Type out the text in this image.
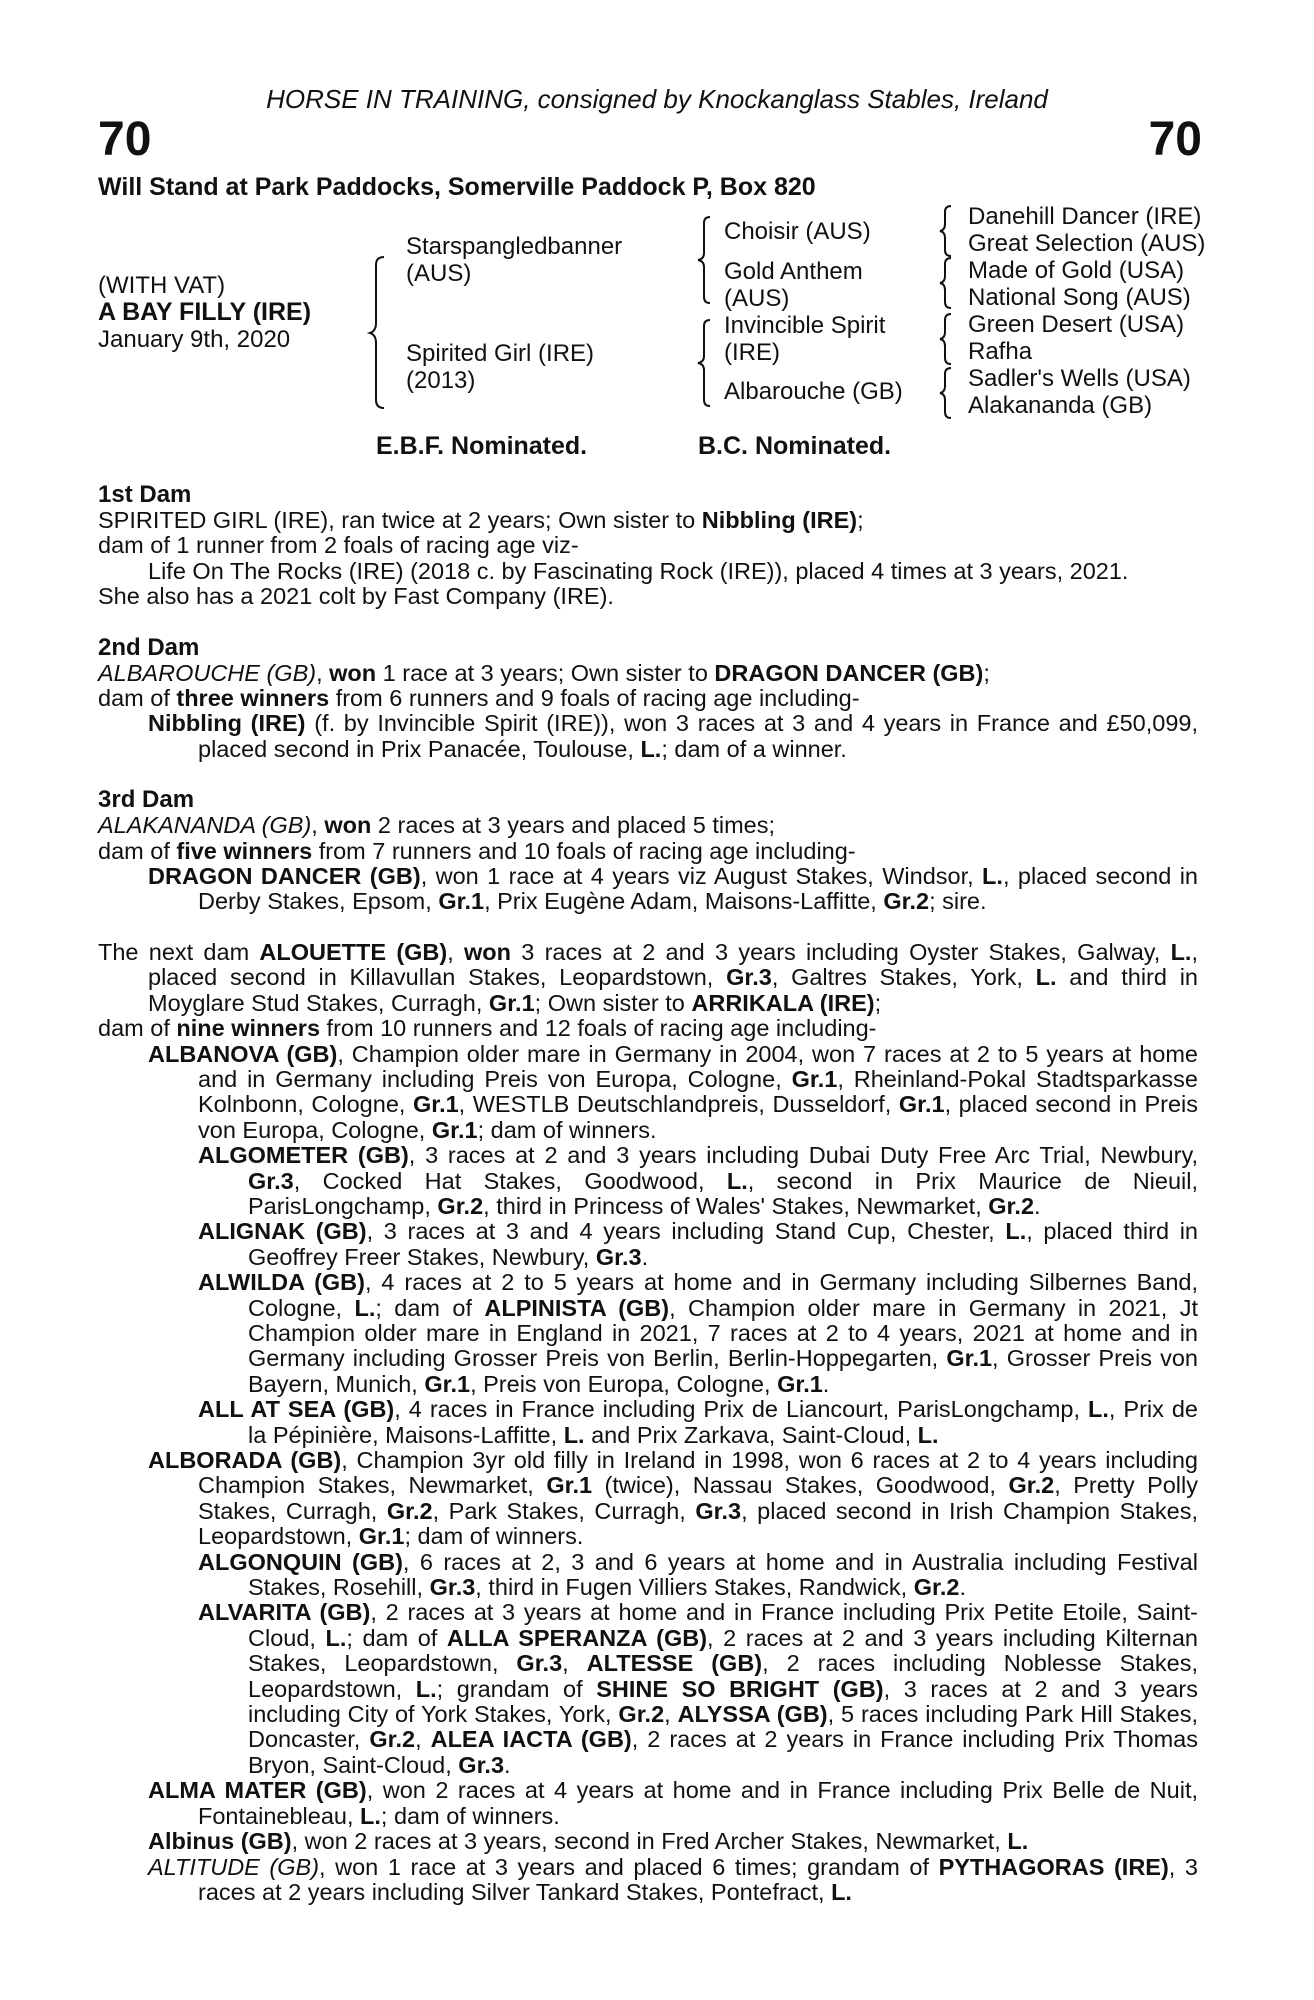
HORSE IN TRAINING, consigned by Knockanglass Stables, Ireland
70	70
Will Stand at Park Paddocks, Somerville Paddock P, Box 820
(WITH VAT)
A BAY FILLY (IRE)
January 9th, 2020
Starspangledbanner
(AUS)
Spirited Girl (IRE)
(2013)
Choisir (AUS)
Gold Anthem
(AUS)
Invincible Spirit
(IRE)
Albarouche (GB)
Danehill Dancer (IRE)
Great Selection (AUS)
Made of Gold (USA)
National Song (AUS)
Green Desert (USA)
Rafha
Sadler's Wells (USA)
Alakananda (GB)
E.B.F. Nominated.	B.C. Nominated.
1st Dam

SPIRITED GIRL (IRE), ran twice at 2 years; Own sister to Nibbling (IRE);

dam of 1 runner from 2 foals of racing age viz-

Life On The Rocks (IRE) (2018 c. by Fascinating Rock (IRE)), placed 4 times at 3 years, 2021.

She also has a 2021 colt by Fast Company (IRE).

2nd Dam

ALBAROUCHE (GB), won 1 race at 3 years; Own sister to DRAGON DANCER (GB);

dam of three winners from 6 runners and 9 foals of racing age including-

Nibbling (IRE) (f. by Invincible Spirit (IRE)), won 3 races at 3 and 4 years in France and £50,099, placed second in Prix Panacée, Toulouse, L.; dam of a winner.

3rd Dam

ALAKANANDA (GB), won 2 races at 3 years and placed 5 times;

dam of five winners from 7 runners and 10 foals of racing age including-

DRAGON DANCER (GB), won 1 race at 4 years viz August Stakes, Windsor, L., placed second in Derby Stakes, Epsom, Gr.1, Prix Eugène Adam, Maisons-Laffitte, Gr.2; sire.

The next dam ALOUETTE (GB), won 3 races at 2 and 3 years including Oyster Stakes, Galway, L., placed second in Killavullan Stakes, Leopardstown, Gr.3, Galtres Stakes, York, L. and third in Moyglare Stud Stakes, Curragh, Gr.1; Own sister to ARRIKALA (IRE);

dam of nine winners from 10 runners and 12 foals of racing age including-

ALBANOVA (GB), Champion older mare in Germany in 2004, won 7 races at 2 to 5 years at home and in Germany including Preis von Europa, Cologne, Gr.1, Rheinland-Pokal Stadtsparkasse Kolnbonn, Cologne, Gr.1, WESTLB Deutschlandpreis, Dusseldorf, Gr.1, placed second in Preis von Europa, Cologne, Gr.1; dam of winners.

ALGOMETER (GB), 3 races at 2 and 3 years including Dubai Duty Free Arc Trial, Newbury, Gr.3, Cocked Hat Stakes, Goodwood, L., second in Prix Maurice de Nieuil, ParisLongchamp, Gr.2, third in Princess of Wales' Stakes, Newmarket, Gr.2.

ALIGNAK (GB), 3 races at 3 and 4 years including Stand Cup, Chester, L., placed third in Geoffrey Freer Stakes, Newbury, Gr.3.

ALWILDA (GB), 4 races at 2 to 5 years at home and in Germany including Silbernes Band, Cologne, L.; dam of ALPINISTA (GB), Champion older mare in Germany in 2021, Jt Champion older mare in England in 2021, 7 races at 2 to 4 years, 2021 at home and in Germany including Grosser Preis von Berlin, Berlin-Hoppegarten, Gr.1, Grosser Preis von Bayern, Munich, Gr.1, Preis von Europa, Cologne, Gr.1.

ALL AT SEA (GB), 4 races in France including Prix de Liancourt, ParisLongchamp, L., Prix de la Pépinière, Maisons-Laffitte, L. and Prix Zarkava, Saint-Cloud, L.

ALBORADA (GB), Champion 3yr old filly in Ireland in 1998, won 6 races at 2 to 4 years including Champion Stakes, Newmarket, Gr.1 (twice), Nassau Stakes, Goodwood, Gr.2, Pretty Polly Stakes, Curragh, Gr.2, Park Stakes, Curragh, Gr.3, placed second in Irish Champion Stakes, Leopardstown, Gr.1; dam of winners.

ALGONQUIN (GB), 6 races at 2, 3 and 6 years at home and in Australia including Festival Stakes, Rosehill, Gr.3, third in Fugen Villiers Stakes, Randwick, Gr.2.

ALVARITA (GB), 2 races at 3 years at home and in France including Prix Petite Etoile, Saint-Cloud, L.; dam of ALLA SPERANZA (GB), 2 races at 2 and 3 years including Kilternan Stakes, Leopardstown, Gr.3, ALTESSE (GB), 2 races including Noblesse Stakes, Leopardstown, L.; grandam of SHINE SO BRIGHT (GB), 3 races at 2 and 3 years including City of York Stakes, York, Gr.2, ALYSSA (GB), 5 races including Park Hill Stakes, Doncaster, Gr.2, ALEA IACTA (GB), 2 races at 2 years in France including Prix Thomas Bryon, Saint-Cloud, Gr.3.

ALMA MATER (GB), won 2 races at 4 years at home and in France including Prix Belle de Nuit, Fontainebleau, L.; dam of winners.

Albinus (GB), won 2 races at 3 years, second in Fred Archer Stakes, Newmarket, L.

ALTITUDE (GB), won 1 race at 3 years and placed 6 times; grandam of PYTHAGORAS (IRE), 3 races at 2 years including Silver Tankard Stakes, Pontefract, L.
